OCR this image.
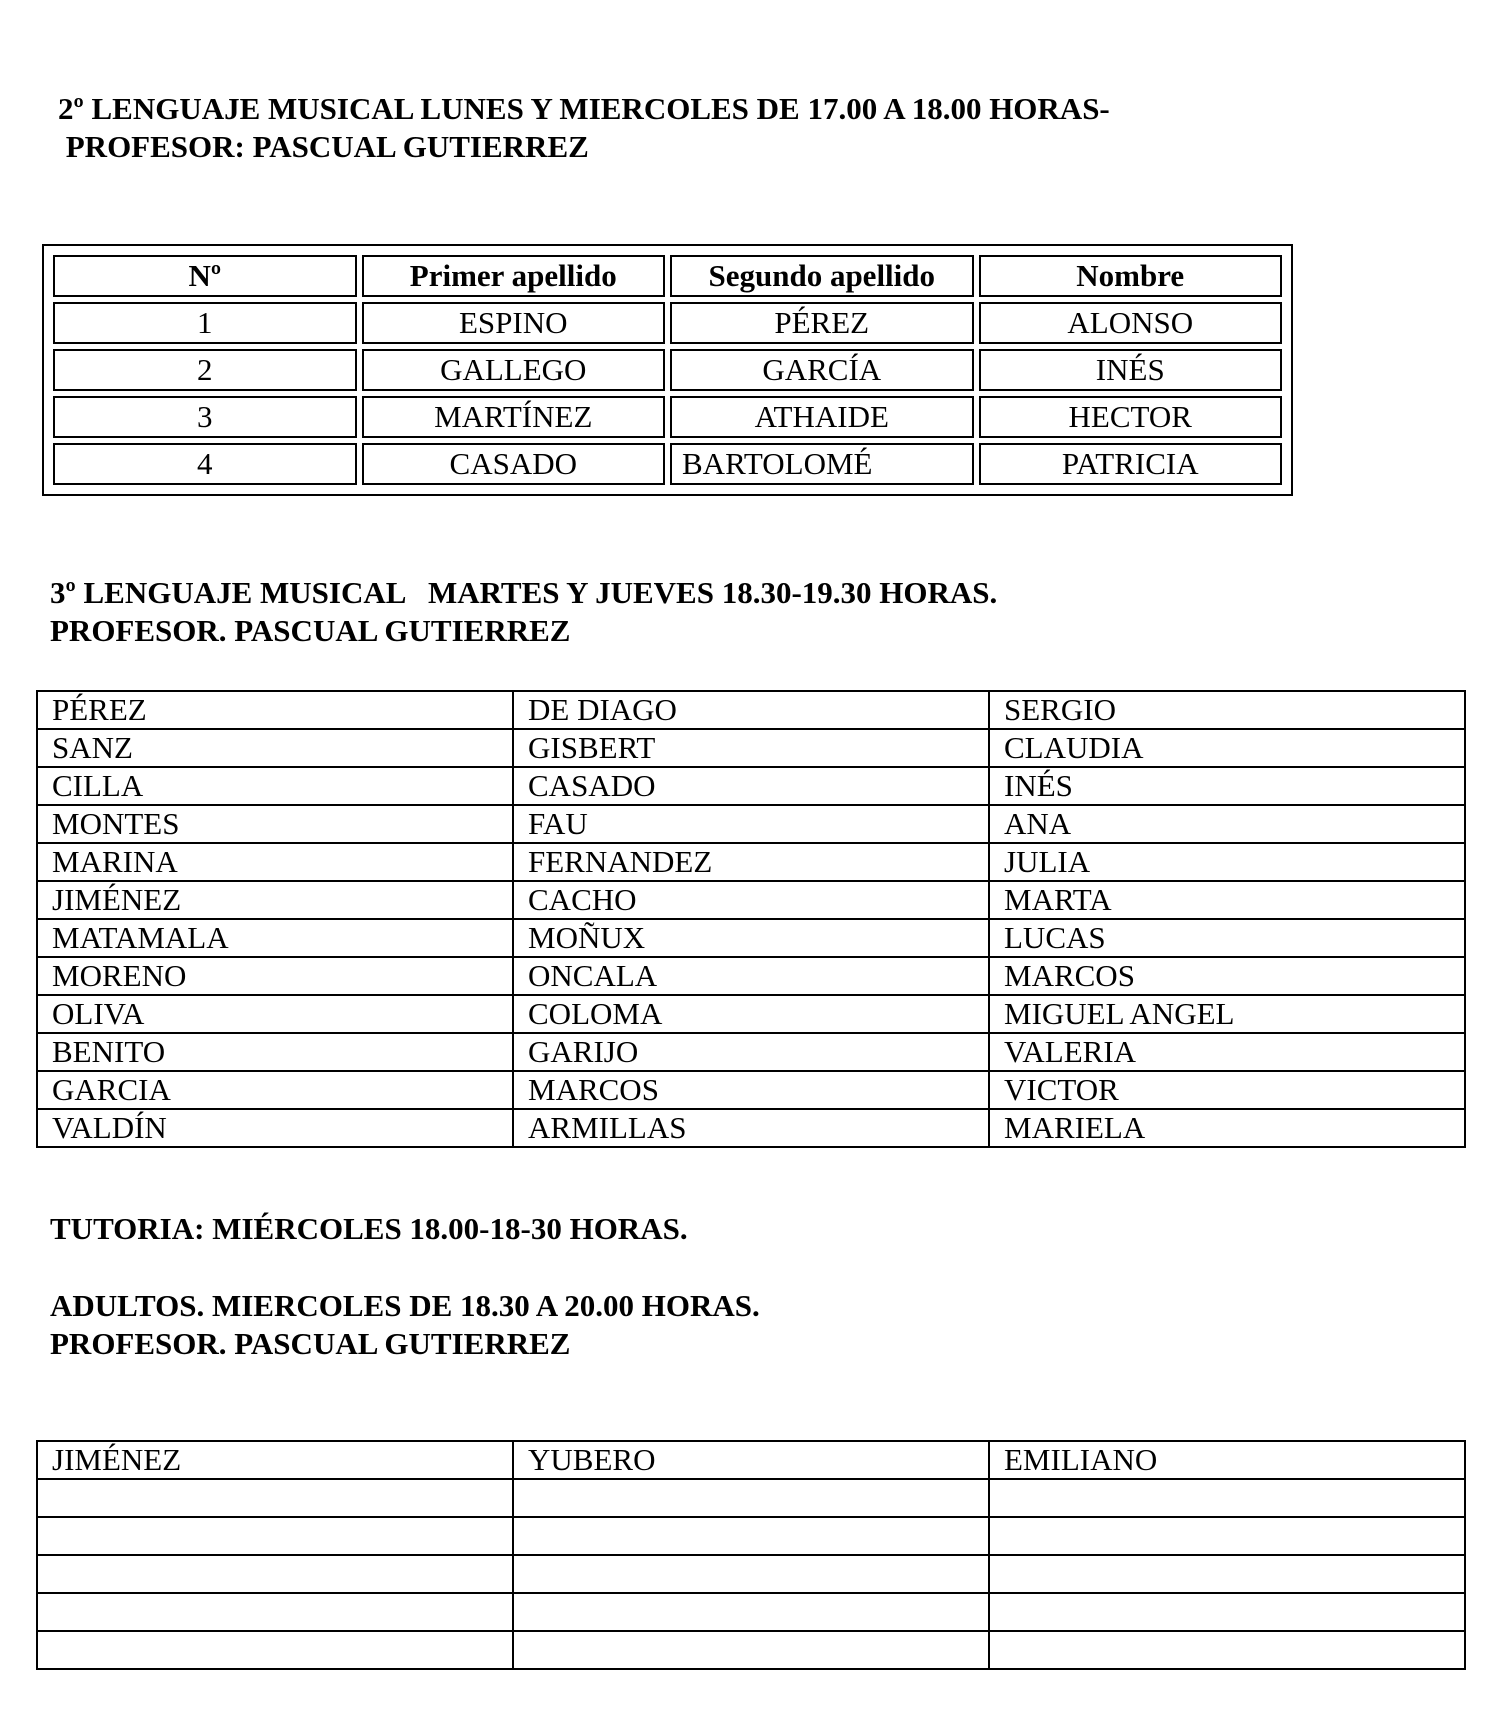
2º LENGUAJE MUSICAL LUNES Y MIERCOLES DE 17.00 A 18.00 HORAS-
PROFESOR: PASCUAL GUTIERREZ
Nº	Primer apellido	Segundo apellido	Nombre
1	ESPINO	PÉREZ	ALONSO
2	GALLEGO	GARCÍA	INÉS
3	MARTÍNEZ	ATHAIDE	HECTOR
4	CASADO	BARTOLOMÉ	PATRICIA
3º LENGUAJE MUSICAL   MARTES Y JUEVES 18.30-19.30 HORAS.
PROFESOR. PASCUAL GUTIERREZ
PÉREZ	DE DIAGO	SERGIO
SANZ	GISBERT	CLAUDIA
CILLA	CASADO	INÉS
MONTES	FAU	ANA
MARINA	FERNANDEZ	JULIA
JIMÉNEZ	CACHO	MARTA
MATAMALA	MOÑUX	LUCAS
MORENO	ONCALA	MARCOS
OLIVA	COLOMA	MIGUEL ANGEL
BENITO	GARIJO	VALERIA
GARCIA	MARCOS	VICTOR
VALDÍN	ARMILLAS	MARIELA
TUTORIA: MIÉRCOLES 18.00-18-30 HORAS.
ADULTOS. MIERCOLES DE 18.30 A 20.00 HORAS.
PROFESOR. PASCUAL GUTIERREZ
JIMÉNEZ	YUBERO	EMILIANO
